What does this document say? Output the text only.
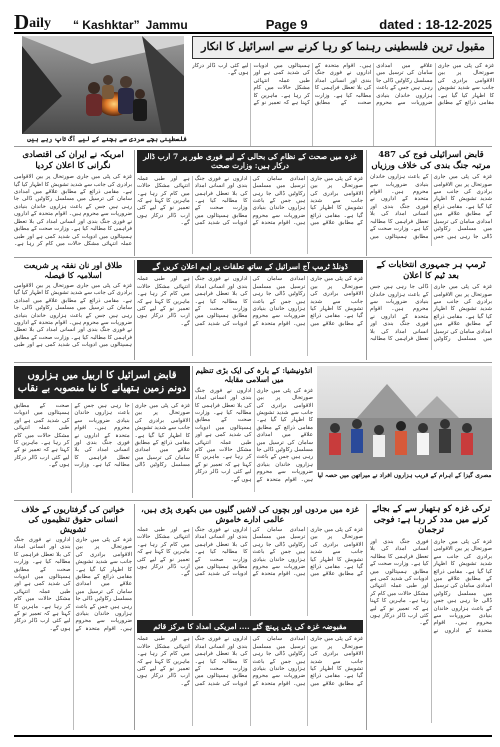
D aily “ Kashktar” Jammu	Page 9	dated : 18-12-2025
فلسطینی بچے سردی سے بچنے کے لیے آگ تاپ رہے ہیں
مقبول ترین فلسطینی رہنما کو رہا کرنے سے اسرائیل کا انکار
غزہ کی پٹی میں جاری صورتحال پر بین الاقوامی برادری کی جانب سے شدید تشویش کا اظہار کیا گیا ہے۔ مقامی ذرائع کے مطابق علاقے میں امدادی سامان کی ترسیل میں مسلسل رکاوٹیں ڈالی جا رہی ہیں جس کے باعث ہزاروں خاندان بنیادی ضروریات سے محروم ہیں۔ اقوام متحدہ کے اداروں نے فوری جنگ بندی اور انسانی امداد کی بلا تعطل فراہمی کا مطالبہ کیا ہے۔ وزارت صحت کے مطابق ہسپتالوں میں ادویات کی شدید کمی ہے اور طبی عملہ انتہائی مشکل حالات میں کام کر رہا ہے۔ ماہرین کا کہنا ہے کہ تعمیر نو کے لیے کئی ارب ڈالر درکار ہوں گے۔
امریکہ نے ایران کی اقتصادی نگرانی کا اعلان کردیا
غزہ کی پٹی میں جاری صورتحال پر بین الاقوامی برادری کی جانب سے شدید تشویش کا اظہار کیا گیا ہے۔ مقامی ذرائع کے مطابق علاقے میں امدادی سامان کی ترسیل میں مسلسل رکاوٹیں ڈالی جا رہی ہیں جس کے باعث ہزاروں خاندان بنیادی ضروریات سے محروم ہیں۔ اقوام متحدہ کے اداروں نے فوری جنگ بندی اور انسانی امداد کی بلا تعطل فراہمی کا مطالبہ کیا ہے۔ وزارت صحت کے مطابق ہسپتالوں میں ادویات کی شدید کمی ہے اور طبی عملہ انتہائی مشکل حالات میں کام کر رہا ہے۔
غزہ میں صحت کے نظام کی بحالی کے لیے فوری طور پر 7 ارب ڈالر درکار ہیں: وزارت صحت
غزہ کی پٹی میں جاری صورتحال پر بین الاقوامی برادری کی جانب سے شدید تشویش کا اظہار کیا گیا ہے۔ مقامی ذرائع کے مطابق علاقے میں امدادی سامان کی ترسیل میں مسلسل رکاوٹیں ڈالی جا رہی ہیں جس کے باعث ہزاروں خاندان بنیادی ضروریات سے محروم ہیں۔ اقوام متحدہ کے اداروں نے فوری جنگ بندی اور انسانی امداد کی بلا تعطل فراہمی کا مطالبہ کیا ہے۔ وزارت صحت کے مطابق ہسپتالوں میں ادویات کی شدید کمی ہے اور طبی عملہ انتہائی مشکل حالات میں کام کر رہا ہے۔ ماہرین کا کہنا ہے کہ تعمیر نو کے لیے کئی ارب ڈالر درکار ہوں گے۔
قابض اسرائیلی فوج کی 487 مرتبہ جنگ بندی کی خلاف ورزیاں
غزہ کی پٹی میں جاری صورتحال پر بین الاقوامی برادری کی جانب سے شدید تشویش کا اظہار کیا گیا ہے۔ مقامی ذرائع کے مطابق علاقے میں امدادی سامان کی ترسیل میں مسلسل رکاوٹیں ڈالی جا رہی ہیں جس کے باعث ہزاروں خاندان بنیادی ضروریات سے محروم ہیں۔ اقوام متحدہ کے اداروں نے فوری جنگ بندی اور انسانی امداد کی بلا تعطل فراہمی کا مطالبہ کیا ہے۔ وزارت صحت کے مطابق ہسپتالوں میں
طلاق اور نان نفقہ پر شریعت اسلامیہ کا فیصلہ
غزہ کی پٹی میں جاری صورتحال پر بین الاقوامی برادری کی جانب سے شدید تشویش کا اظہار کیا گیا ہے۔ مقامی ذرائع کے مطابق علاقے میں امدادی سامان کی ترسیل میں مسلسل رکاوٹیں ڈالی جا رہی ہیں جس کے باعث ہزاروں خاندان بنیادی ضروریات سے محروم ہیں۔ اقوام متحدہ کے اداروں نے فوری جنگ بندی اور انسانی امداد کی بلا تعطل فراہمی کا مطالبہ کیا ہے۔ وزارت صحت کے مطابق ہسپتالوں میں ادویات کی شدید کمی ہے اور طبی
ڈونلڈ ٹرمپ آج اسرائیل کے ساتھ تعلقات پر اہم اعلان کریں گے
غزہ کی پٹی میں جاری صورتحال پر بین الاقوامی برادری کی جانب سے شدید تشویش کا اظہار کیا گیا ہے۔ مقامی ذرائع کے مطابق علاقے میں امدادی سامان کی ترسیل میں مسلسل رکاوٹیں ڈالی جا رہی ہیں جس کے باعث ہزاروں خاندان بنیادی ضروریات سے محروم ہیں۔ اقوام متحدہ کے اداروں نے فوری جنگ بندی اور انسانی امداد کی بلا تعطل فراہمی کا مطالبہ کیا ہے۔ وزارت صحت کے مطابق ہسپتالوں میں ادویات کی شدید کمی ہے اور طبی عملہ انتہائی مشکل حالات میں کام کر رہا ہے۔ ماہرین کا کہنا ہے کہ تعمیر نو کے لیے کئی ارب ڈالر درکار ہوں گے۔
ٹرمپ ہر جمہوری انتخابات کے بعد ٹیم کا اعلان
غزہ کی پٹی میں جاری صورتحال پر بین الاقوامی برادری کی جانب سے شدید تشویش کا اظہار کیا گیا ہے۔ مقامی ذرائع کے مطابق علاقے میں امدادی سامان کی ترسیل میں مسلسل رکاوٹیں ڈالی جا رہی ہیں جس کے باعث ہزاروں خاندان بنیادی ضروریات سے محروم ہیں۔ اقوام متحدہ کے اداروں نے فوری جنگ بندی اور انسانی امداد کی بلا تعطل فراہمی کا مطالبہ
قابض اسرائیل کا اربیل میں ہزاروں دونم زمین ہتھیانے کا نیا منصوبہ بے نقاب
غزہ کی پٹی میں جاری صورتحال پر بین الاقوامی برادری کی جانب سے شدید تشویش کا اظہار کیا گیا ہے۔ مقامی ذرائع کے مطابق علاقے میں امدادی سامان کی ترسیل میں مسلسل رکاوٹیں ڈالی جا رہی ہیں جس کے باعث ہزاروں خاندان بنیادی ضروریات سے محروم ہیں۔ اقوام متحدہ کے اداروں نے فوری جنگ بندی اور انسانی امداد کی بلا تعطل فراہمی کا مطالبہ کیا ہے۔ وزارت صحت کے مطابق ہسپتالوں میں ادویات کی شدید کمی ہے اور طبی عملہ انتہائی مشکل حالات میں کام کر رہا ہے۔ ماہرین کا کہنا ہے کہ تعمیر نو کے لیے کئی ارب ڈالر درکار ہوں گے۔
انڈونیشیا: کے بارہ کی ایک بڑی تنظیم میں اسلامی مقابلہ
غزہ کی پٹی میں جاری صورتحال پر بین الاقوامی برادری کی جانب سے شدید تشویش کا اظہار کیا گیا ہے۔ مقامی ذرائع کے مطابق علاقے میں امدادی سامان کی ترسیل میں مسلسل رکاوٹیں ڈالی جا رہی ہیں جس کے باعث ہزاروں خاندان بنیادی ضروریات سے محروم ہیں۔ اقوام متحدہ کے اداروں نے فوری جنگ بندی اور انسانی امداد کی بلا تعطل فراہمی کا مطالبہ کیا ہے۔ وزارت صحت کے مطابق ہسپتالوں میں ادویات کی شدید کمی ہے اور طبی عملہ انتہائی مشکل حالات میں کام کر رہا ہے۔ ماہرین کا کہنا ہے کہ تعمیر نو کے لیے کئی ارب ڈالر درکار ہوں گے۔
مصری گیزا کے اہرام کے قریب ہزاروں افراد نے میراتھن میں حصہ لیا
خواتین کی گرفتاریوں کے خلاف انسانی حقوق تنظیموں کی تشویش
غزہ کی پٹی میں جاری صورتحال پر بین الاقوامی برادری کی جانب سے شدید تشویش کا اظہار کیا گیا ہے۔ مقامی ذرائع کے مطابق علاقے میں امدادی سامان کی ترسیل میں مسلسل رکاوٹیں ڈالی جا رہی ہیں جس کے باعث ہزاروں خاندان بنیادی ضروریات سے محروم ہیں۔ اقوام متحدہ کے اداروں نے فوری جنگ بندی اور انسانی امداد کی بلا تعطل فراہمی کا مطالبہ کیا ہے۔ وزارت صحت کے مطابق ہسپتالوں میں ادویات کی شدید کمی ہے اور طبی عملہ انتہائی مشکل حالات میں کام کر رہا ہے۔ ماہرین کا کہنا ہے کہ تعمیر نو کے لیے کئی ارب ڈالر درکار ہوں گے۔
غزہ میں مردوں اور بچوں کی لاشیں گلیوں میں بکھری پڑی ہیں، عالمی ادارے خاموش
غزہ کی پٹی میں جاری صورتحال پر بین الاقوامی برادری کی جانب سے شدید تشویش کا اظہار کیا گیا ہے۔ مقامی ذرائع کے مطابق علاقے میں امدادی سامان کی ترسیل میں مسلسل رکاوٹیں ڈالی جا رہی ہیں جس کے باعث ہزاروں خاندان بنیادی ضروریات سے محروم ہیں۔ اقوام متحدہ کے اداروں نے فوری جنگ بندی اور انسانی امداد کی بلا تعطل فراہمی کا مطالبہ کیا ہے۔ وزارت صحت کے مطابق ہسپتالوں میں ادویات کی شدید کمی ہے اور طبی عملہ انتہائی مشکل حالات میں کام کر رہا ہے۔ ماہرین کا کہنا ہے کہ تعمیر نو کے لیے کئی ارب ڈالر درکار ہوں گے۔
مقبوضہ غزہ کی پٹی پہنچ گئے .... امریکی امداد کا مرکز قائم
غزہ کی پٹی میں جاری صورتحال پر بین الاقوامی برادری کی جانب سے شدید تشویش کا اظہار کیا گیا ہے۔ مقامی ذرائع کے مطابق علاقے میں امدادی سامان کی ترسیل میں مسلسل رکاوٹیں ڈالی جا رہی ہیں جس کے باعث ہزاروں خاندان بنیادی ضروریات سے محروم ہیں۔ اقوام متحدہ کے اداروں نے فوری جنگ بندی اور انسانی امداد کی بلا تعطل فراہمی کا مطالبہ کیا ہے۔ وزارت صحت کے مطابق ہسپتالوں میں ادویات کی شدید کمی ہے اور طبی عملہ انتہائی مشکل حالات میں کام کر رہا ہے۔ ماہرین کا کہنا ہے کہ تعمیر نو کے لیے کئی ارب ڈالر درکار ہوں گے۔
ترکی غزہ کو ہتھیار سے کے بجائے کرنے میں مدد کر رہا ہے: فوجی ترجمان
غزہ کی پٹی میں جاری صورتحال پر بین الاقوامی برادری کی جانب سے شدید تشویش کا اظہار کیا گیا ہے۔ مقامی ذرائع کے مطابق علاقے میں امدادی سامان کی ترسیل میں مسلسل رکاوٹیں ڈالی جا رہی ہیں جس کے باعث ہزاروں خاندان بنیادی ضروریات سے محروم ہیں۔ اقوام متحدہ کے اداروں نے فوری جنگ بندی اور انسانی امداد کی بلا تعطل فراہمی کا مطالبہ کیا ہے۔ وزارت صحت کے مطابق ہسپتالوں میں ادویات کی شدید کمی ہے اور طبی عملہ انتہائی مشکل حالات میں کام کر رہا ہے۔ ماہرین کا کہنا ہے کہ تعمیر نو کے لیے کئی ارب ڈالر درکار ہوں گے۔
